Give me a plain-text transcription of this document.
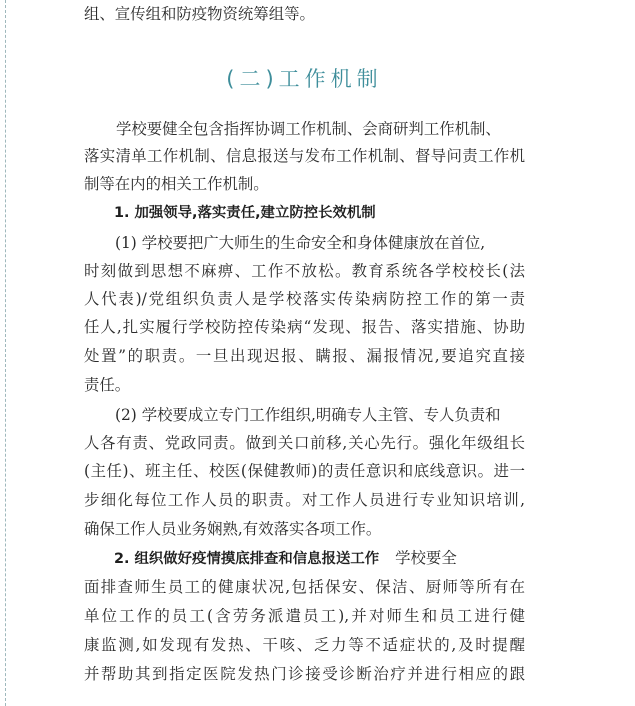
组、宣传组和防疫物资统筹组等。
(二)工作机制
学校要健全包含指挥协调工作机制、会商研判工作机制、
落实清单工作机制、信息报送与发布工作机制、督导问责工作机
制等在内的相关工作机制。
1. 加强领导,落实责任,建立防控长效机制
(1) 学校要把广大师生的生命安全和身体健康放在首位,
时刻做到思想不麻痹、工作不放松。教育系统各学校校长(法
人代表)/党组织负责人是学校落实传染病防控工作的第一责
任人,扎实履行学校防控传染病“发现、报告、落实措施、协助
处置”的职责。一旦出现迟报、瞒报、漏报情况,要追究直接
责任。
(2) 学校要成立专门工作组织,明确专人主管、专人负责和
人各有责、党政同责。做到关口前移,关心先行。强化年级组长
(主任)、班主任、校医(保健教师)的责任意识和底线意识。进一
步细化每位工作人员的职责。对工作人员进行专业知识培训,
确保工作人员业务娴熟,有效落实各项工作。
2. 组织做好疫情摸底排查和信息报送工作 学校要全
面排查师生员工的健康状况,包括保安、保洁、厨师等所有在
单位工作的员工(含劳务派遣员工),并对师生和员工进行健
康监测,如发现有发热、干咳、乏力等不适症状的,及时提醒
并帮助其到指定医院发热门诊接受诊断治疗并进行相应的跟
